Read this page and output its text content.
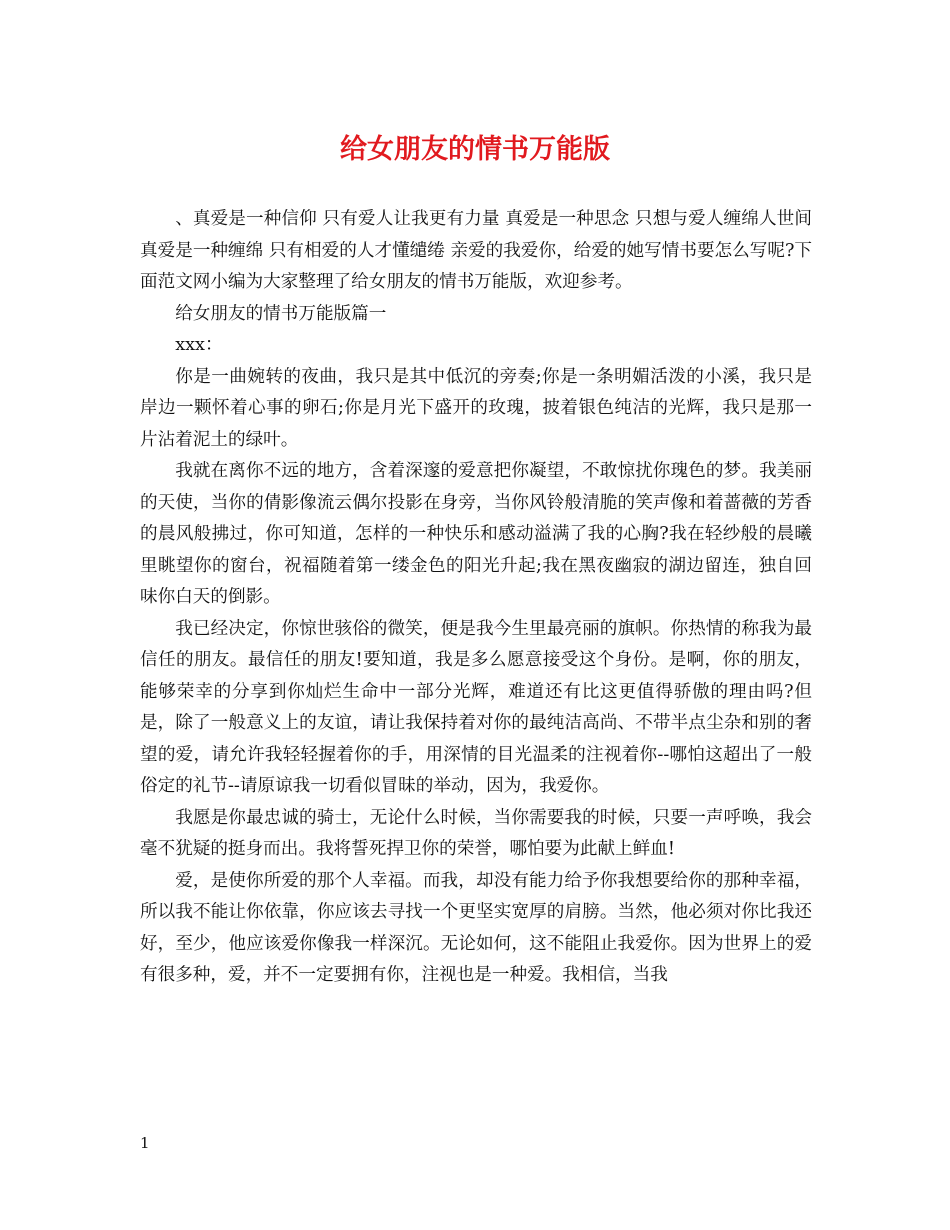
给女朋友的情书万能版

、真爱是一种信仰 只有爱人让我更有力量 真爱是一种思念 只想与爱人缠绵人世间 真爱是一种缠绵 只有相爱的人才懂缱绻 亲爱的我爱你，给爱的她写情书要怎么写呢?下面范文网小编为大家整理了给女朋友的情书万能版，欢迎参考。

给女朋友的情书万能版篇一

xxx：

你是一曲婉转的夜曲，我只是其中低沉的旁奏;你是一条明媚活泼的小溪，我只是岸边一颗怀着心事的卵石;你是月光下盛开的玫瑰，披着银色纯洁的光辉，我只是那一片沾着泥土的绿叶。

我就在离你不远的地方，含着深邃的爱意把你凝望，不敢惊扰你瑰色的梦。我美丽的天使，当你的倩影像流云偶尔投影在身旁，当你风铃般清脆的笑声像和着蔷薇的芳香的晨风般拂过，你可知道，怎样的一种快乐和感动溢满了我的心胸?我在轻纱般的晨曦里眺望你的窗台，祝福随着第一缕金色的阳光升起;我在黑夜幽寂的湖边留连，独自回味你白天的倒影。

我已经决定，你惊世骇俗的微笑，便是我今生里最亮丽的旗帜。你热情的称我为最信任的朋友。最信任的朋友!要知道，我是多么愿意接受这个身份。是啊，你的朋友，能够荣幸的分享到你灿烂生命中一部分光辉，难道还有比这更值得骄傲的理由吗?但是，除了一般意义上的友谊，请让我保持着对你的最纯洁高尚、不带半点尘杂和别的奢望的爱，请允许我轻轻握着你的手，用深情的目光温柔的注视着你--哪怕这超出了一般俗定的礼节--请原谅我一切看似冒昧的举动，因为，我爱你。

我愿是你最忠诚的骑士，无论什么时候，当你需要我的时候，只要一声呼唤，我会毫不犹疑的挺身而出。我将誓死捍卫你的荣誉，哪怕要为此献上鲜血!

爱，是使你所爱的那个人幸福。而我，却没有能力给予你我想要给你的那种幸福，所以我不能让你依靠，你应该去寻找一个更坚实宽厚的肩膀。当然，他必须对你比我还好，至少，他应该爱你像我一样深沉。无论如何，这不能阻止我爱你。因为世界上的爱有很多种，爱，并不一定要拥有你，注视也是一种爱。我相信，当我

1
